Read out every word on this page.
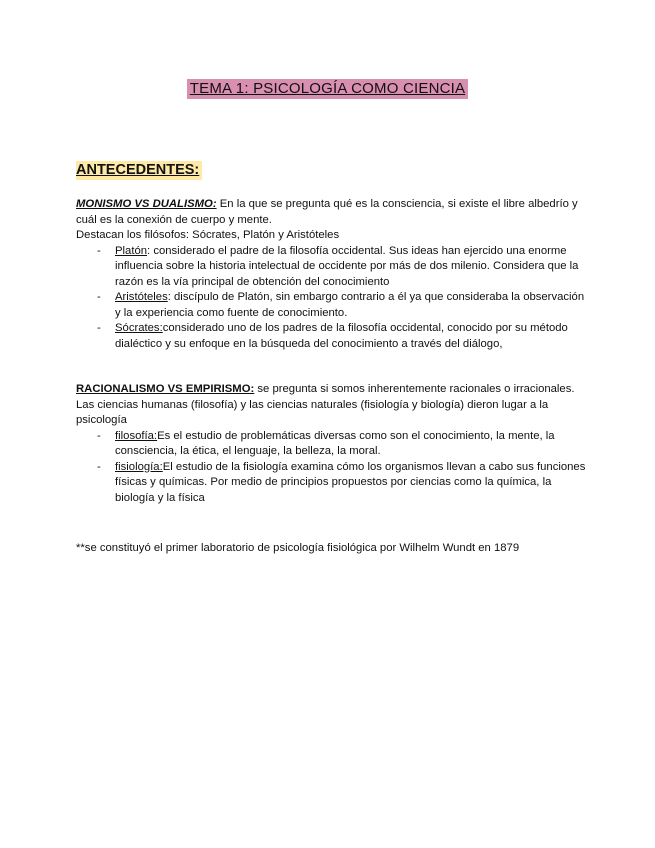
TEMA 1: PSICOLOGÍA COMO CIENCIA
ANTECEDENTES:

MONISMO VS DUALISMO: En la que se pregunta qué es la consciencia, si existe el libre albedrío y cuál es la conexión de cuerpo y mente.

Destacan los filósofos: Sócrates, Platón y Aristóteles

- Platón: considerado el padre de la filosofía occidental. Sus ideas han ejercido una enorme influencia sobre la historia intelectual de occidente por más de dos milenio. Considera que la razón es la vía principal de obtención del conocimiento
- Aristóteles: discípulo de Platón, sin embargo contrario a él ya que consideraba la observación y la experiencia como fuente de conocimiento.
- Sócrates:considerado uno de los padres de la filosofía occidental, conocido por su método dialéctico y su enfoque en la búsqueda del conocimiento a través del diálogo,

RACIONALISMO VS EMPIRISMO: se pregunta si somos inherentemente racionales o irracionales.

Las ciencias humanas (filosofía) y las ciencias naturales (fisiología y biología) dieron lugar a la psicología

- filosofía:Es el estudio de problemáticas diversas como son el conocimiento, la mente, la consciencia, la ética, el lenguaje, la belleza, la moral.
- fisiología:El estudio de la fisiología examina cómo los organismos llevan a cabo sus funciones físicas y químicas. Por medio de principios propuestos por ciencias como la química, la biología y la física

**se constituyó el primer laboratorio de psicología fisiológica por Wilhelm Wundt en 1879
